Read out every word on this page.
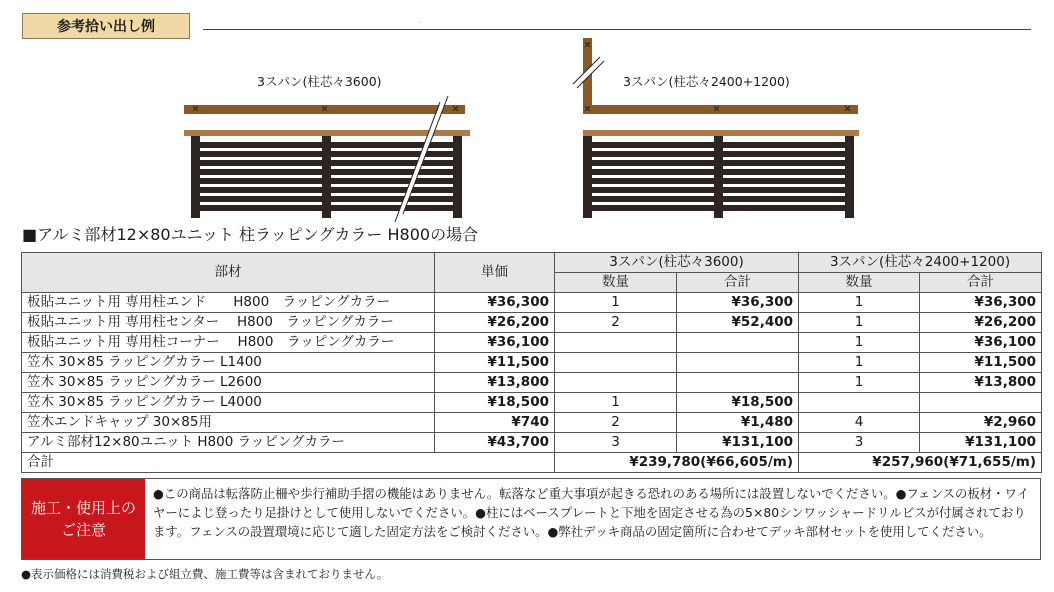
参考拾い出し例	.
3スパン(柱芯々3600)	3スパン(柱芯々2400+1200)
■アルミ部材12×80ユニット 柱ラッピングカラー H800の場合
部材	単価	3スパン(柱芯々3600)		3スパン(柱芯々2400+1200)	
		数量	合計	数量	合計
板貼ユニット用 専用柱エンド　　H800　ラッピングカラー	¥36,300	1	¥36,300	1	¥36,300
板貼ユニット用 専用柱センター　 H800　ラッピングカラー	¥26,200	2	¥52,400	1	¥26,200
板貼ユニット用 専用柱コーナー　 H800　ラッピングカラー	¥36,100			1	¥36,100
笠木 30×85 ラッピングカラー L1400	¥11,500			1	¥11,500
笠木 30×85 ラッピングカラー L2600	¥13,800			1	¥13,800
笠木 30×85 ラッピングカラー L4000	¥18,500	1	¥18,500		
笠木エンドキャップ 30×85用	¥740	2	¥1,480	4	¥2,960
アルミ部材12×80ユニット H800 ラッピングカラー	¥43,700	3	¥131,100	3	¥131,100
合計		¥239,780(¥66,605/m)		¥257,960(¥71,655/m)	
施工・使用上の
ご注意
●この商品は転落防止柵や歩行補助手摺の機能はありません。転落など重大事項が起きる恐れのある場所には設置しないでください。●フェンスの板材・ワイヤーによじ登ったり足掛けとして使用しないでください。●柱にはベースプレートと下地を固定させる為の5×80シンワッシャードリルビスが付属されております。フェンスの設置環境に応じて適した固定方法をご検討ください。●弊社デッキ商品の固定箇所に合わせてデッキ部材セットを使用してください。
●表示価格には消費税および組立費、施工費等は含まれておりません。
